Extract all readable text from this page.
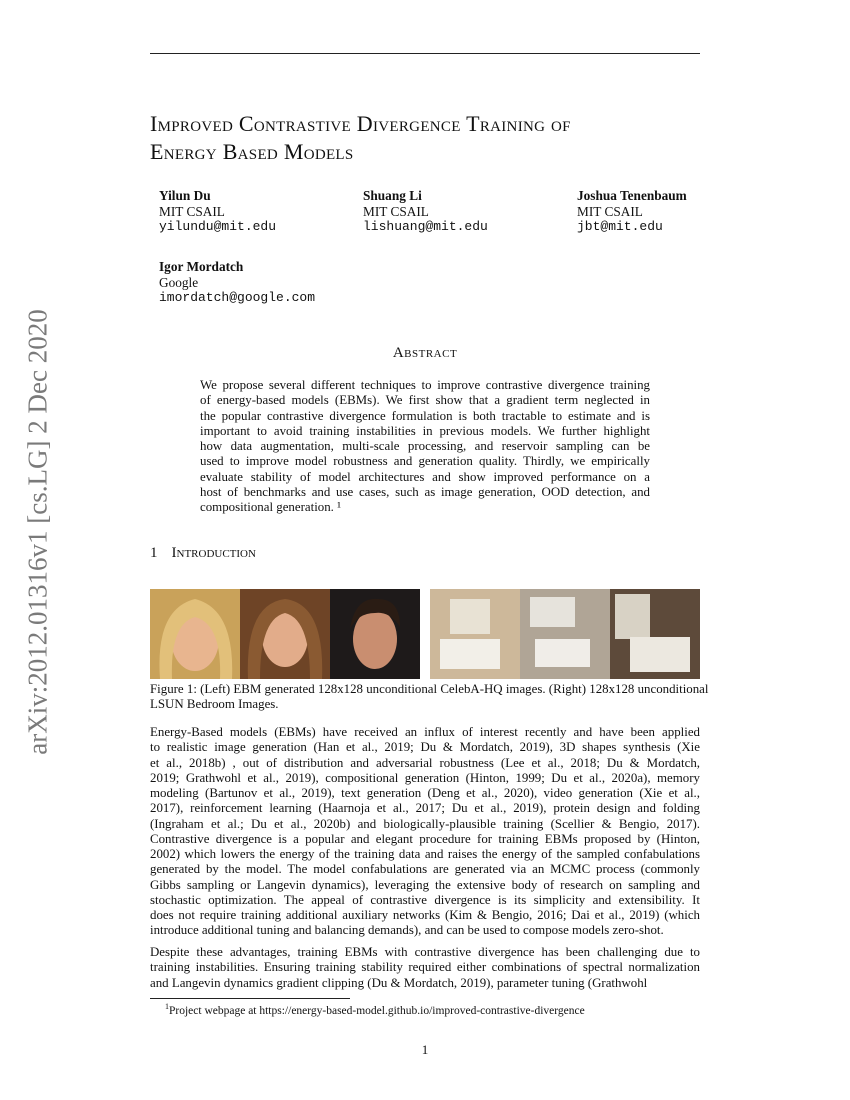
arXiv:2012.01316v1 [cs.LG] 2 Dec 2020
Improved Contrastive Divergence Training of
Energy Based Models
Yilun Du
MIT CSAIL
yilundu@mit.edu
Shuang Li
MIT CSAIL
lishuang@mit.edu
Joshua Tenenbaum
MIT CSAIL
jbt@mit.edu
Igor Mordatch
Google
imordatch@google.com
Abstract
We propose several different techniques to improve contrastive divergence training
of energy-based models (EBMs). We first show that a gradient term neglected in
the popular contrastive divergence formulation is both tractable to estimate and is
important to avoid training instabilities in previous models. We further highlight
how data augmentation, multi-scale processing, and reservoir sampling can be
used to improve model robustness and generation quality. Thirdly, we empirically
evaluate stability of model architectures and show improved performance on a
host of benchmarks and use cases, such as image generation, OOD detection, and
compositional generation. ¹
1 Introduction
Figure 1: (Left) EBM generated 128x128 unconditional CelebA-HQ images. (Right) 128x128 unconditional
LSUN Bedroom Images.
Energy-Based models (EBMs) have received an influx of interest recently and have been applied
to realistic image generation (Han et al., 2019; Du & Mordatch, 2019), 3D shapes synthesis (Xie
et al., 2018b) , out of distribution and adversarial robustness (Lee et al., 2018; Du & Mordatch,
2019; Grathwohl et al., 2019), compositional generation (Hinton, 1999; Du et al., 2020a), memory
modeling (Bartunov et al., 2019), text generation (Deng et al., 2020), video generation (Xie et al.,
2017), reinforcement learning (Haarnoja et al., 2017; Du et al., 2019), protein design and folding
(Ingraham et al.; Du et al., 2020b) and biologically-plausible training (Scellier & Bengio, 2017).
Contrastive divergence is a popular and elegant procedure for training EBMs proposed by (Hinton,
2002) which lowers the energy of the training data and raises the energy of the sampled confabulations
generated by the model. The model confabulations are generated via an MCMC process (commonly
Gibbs sampling or Langevin dynamics), leveraging the extensive body of research on sampling and
stochastic optimization. The appeal of contrastive divergence is its simplicity and extensibility. It
does not require training additional auxiliary networks (Kim & Bengio, 2016; Dai et al., 2019) (which
introduce additional tuning and balancing demands), and can be used to compose models zero-shot.
Despite these advantages, training EBMs with contrastive divergence has been challenging due to
training instabilities. Ensuring training stability required either combinations of spectral normalization
and Langevin dynamics gradient clipping (Du & Mordatch, 2019), parameter tuning (Grathwohl
$^1$Project webpage at https://energy-based-model.github.io/improved-contrastive-divergence
1
